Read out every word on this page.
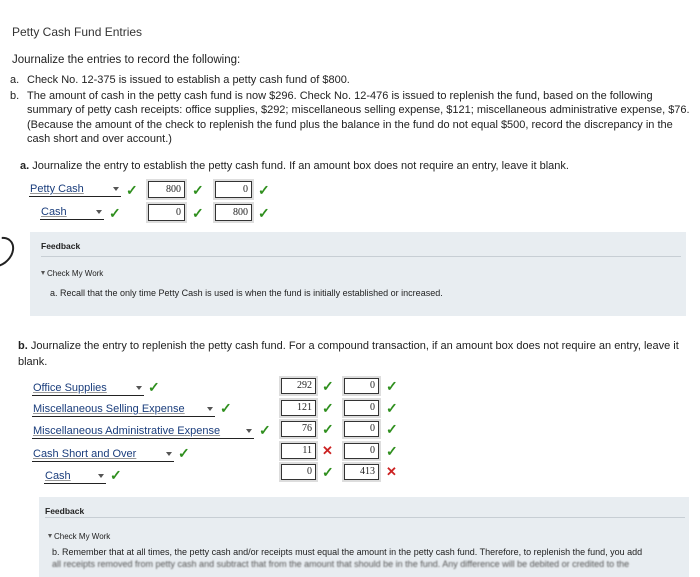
Petty Cash Fund Entries
Journalize the entries to record the following:
a. Check No. 12-375 is issued to establish a petty cash fund of $800.
b. The amount of cash in the petty cash fund is now $296. Check No. 12-476 is issued to replenish the fund, based on the following summary of petty cash receipts: office supplies, $292; miscellaneous selling expense, $121; miscellaneous administrative expense, $76. (Because the amount of the check to replenish the fund plus the balance in the fund do not equal $500, record the discrepancy in the cash short and over account.)
a. Journalize the entry to establish the petty cash fund. If an amount box does not require an entry, leave it blank.
Petty Cash	✓	800 ✓	0 ✓
Cash	✓	0 ✓	800 ✓
Feedback
Check My Work
a. Recall that the only time Petty Cash is used is when the fund is initially established or increased.
b. Journalize the entry to replenish the petty cash fund. For a compound transaction, if an amount box does not require an entry, leave it blank.
Office Supplies	✓	292 ✓	0 ✓
Miscellaneous Selling Expense	✓	121 ✓	0 ✓
Miscellaneous Administrative Expense	✓	76 ✓	0 ✓
Cash Short and Over	✓	11 ✕	0 ✓
Cash	✓	0 ✓	413 ✕
Feedback
Check My Work
b. Remember that at all times, the petty cash and/or receipts must equal the amount in the petty cash fund. Therefore, to replenish the fund, you add
all receipts removed from petty cash and subtract that from the amount that should be in the fund. Any difference will be debited or credited to the
